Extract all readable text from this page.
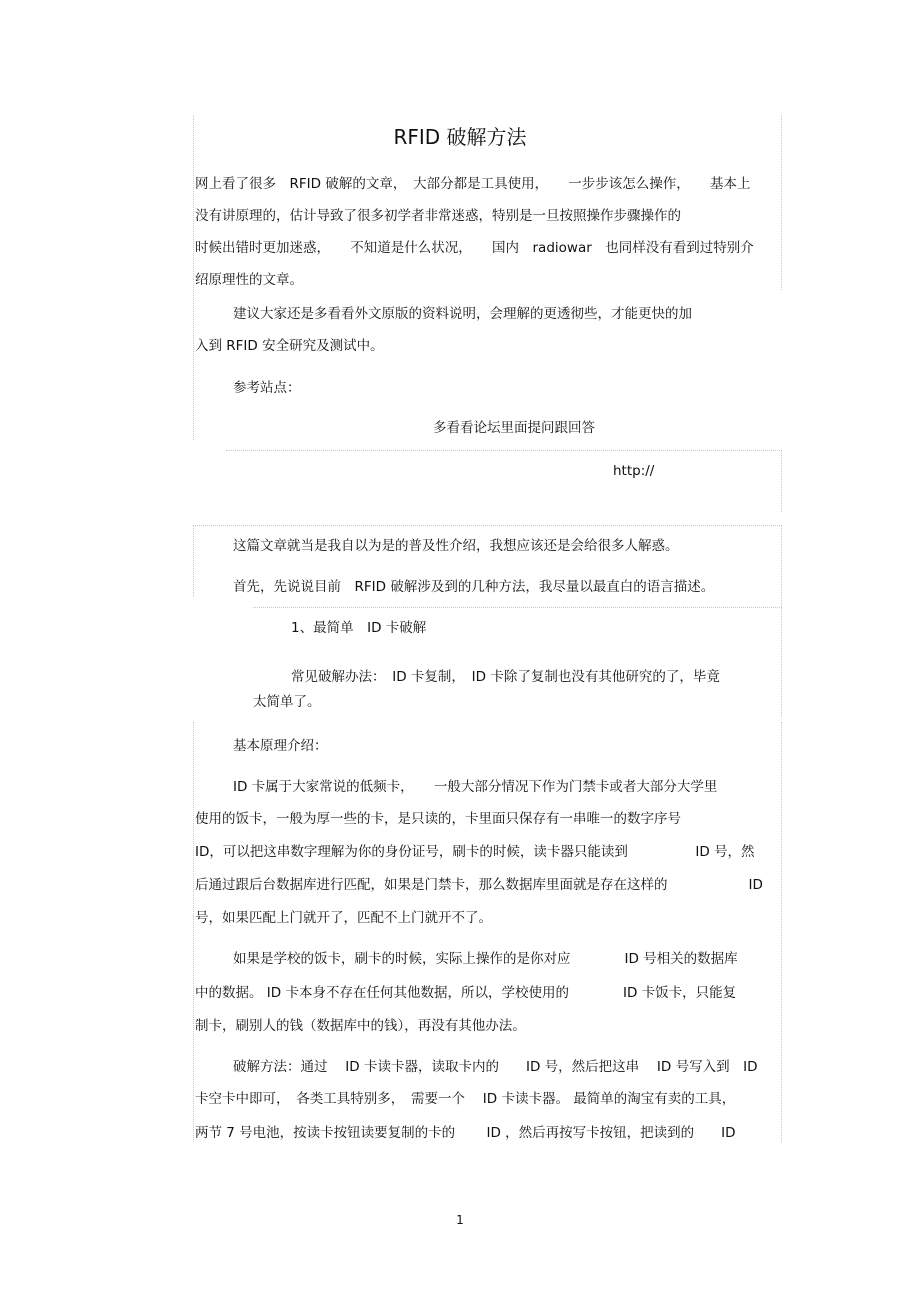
RFID 破解方法
网上看了很多　RFID 破解的文章，　大部分都是工具使用，　　一步步该怎么操作，　　基本上
没有讲原理的，估计导致了很多初学者非常迷惑，特别是一旦按照操作步骤操作的
时候出错时更加迷惑，　　不知道是什么状况，　　国内　radiowar　也同样没有看到过特别介
绍原理性的文章。
建议大家还是多看看外文原版的资料说明，会理解的更透彻些，才能更快的加
入到 RFID 安全研究及测试中。
参考站点：
多看看论坛里面提问跟回答
http://
这篇文章就当是我自以为是的普及性介绍，我想应该还是会给很多人解惑。
首先，先说说目前　RFID 破解涉及到的几种方法，我尽量以最直白的语言描述。
1、最简单　ID 卡破解
常见破解办法：　ID 卡复制，　ID 卡除了复制也没有其他研究的了，毕竟
太简单了。
基本原理介绍：
ID 卡属于大家常说的低频卡，　　一般大部分情况下作为门禁卡或者大部分大学里
使用的饭卡，一般为厚一些的卡，是只读的，卡里面只保存有一串唯一的数字序号
ID，可以把这串数字理解为你的身份证号，刷卡的时候，读卡器只能读到　　　　　ID 号，然
后通过跟后台数据库进行匹配，如果是门禁卡，那么数据库里面就是存在这样的　　　　　　ID
号，如果匹配上门就开了，匹配不上门就开不了。
如果是学校的饭卡，刷卡的时候，实际上操作的是你对应　　　　ID 号相关的数据库
中的数据。 ID 卡本身不存在任何其他数据，所以，学校使用的　　　　ID 卡饭卡，只能复
制卡，刷别人的钱（数据库中的钱），再没有其他办法。
破解方法：通过　 ID 卡读卡器，读取卡内的　　ID 号，然后把这串　 ID 号写入到　ID
卡空卡中即可，　各类工具特别多，　需要一个　 ID 卡读卡器。 最简单的淘宝有卖的工具，
两节 7 号电池，按读卡按钮读要复制的卡的　　 ID ，然后再按写卡按钮，把读到的　　ID
1
